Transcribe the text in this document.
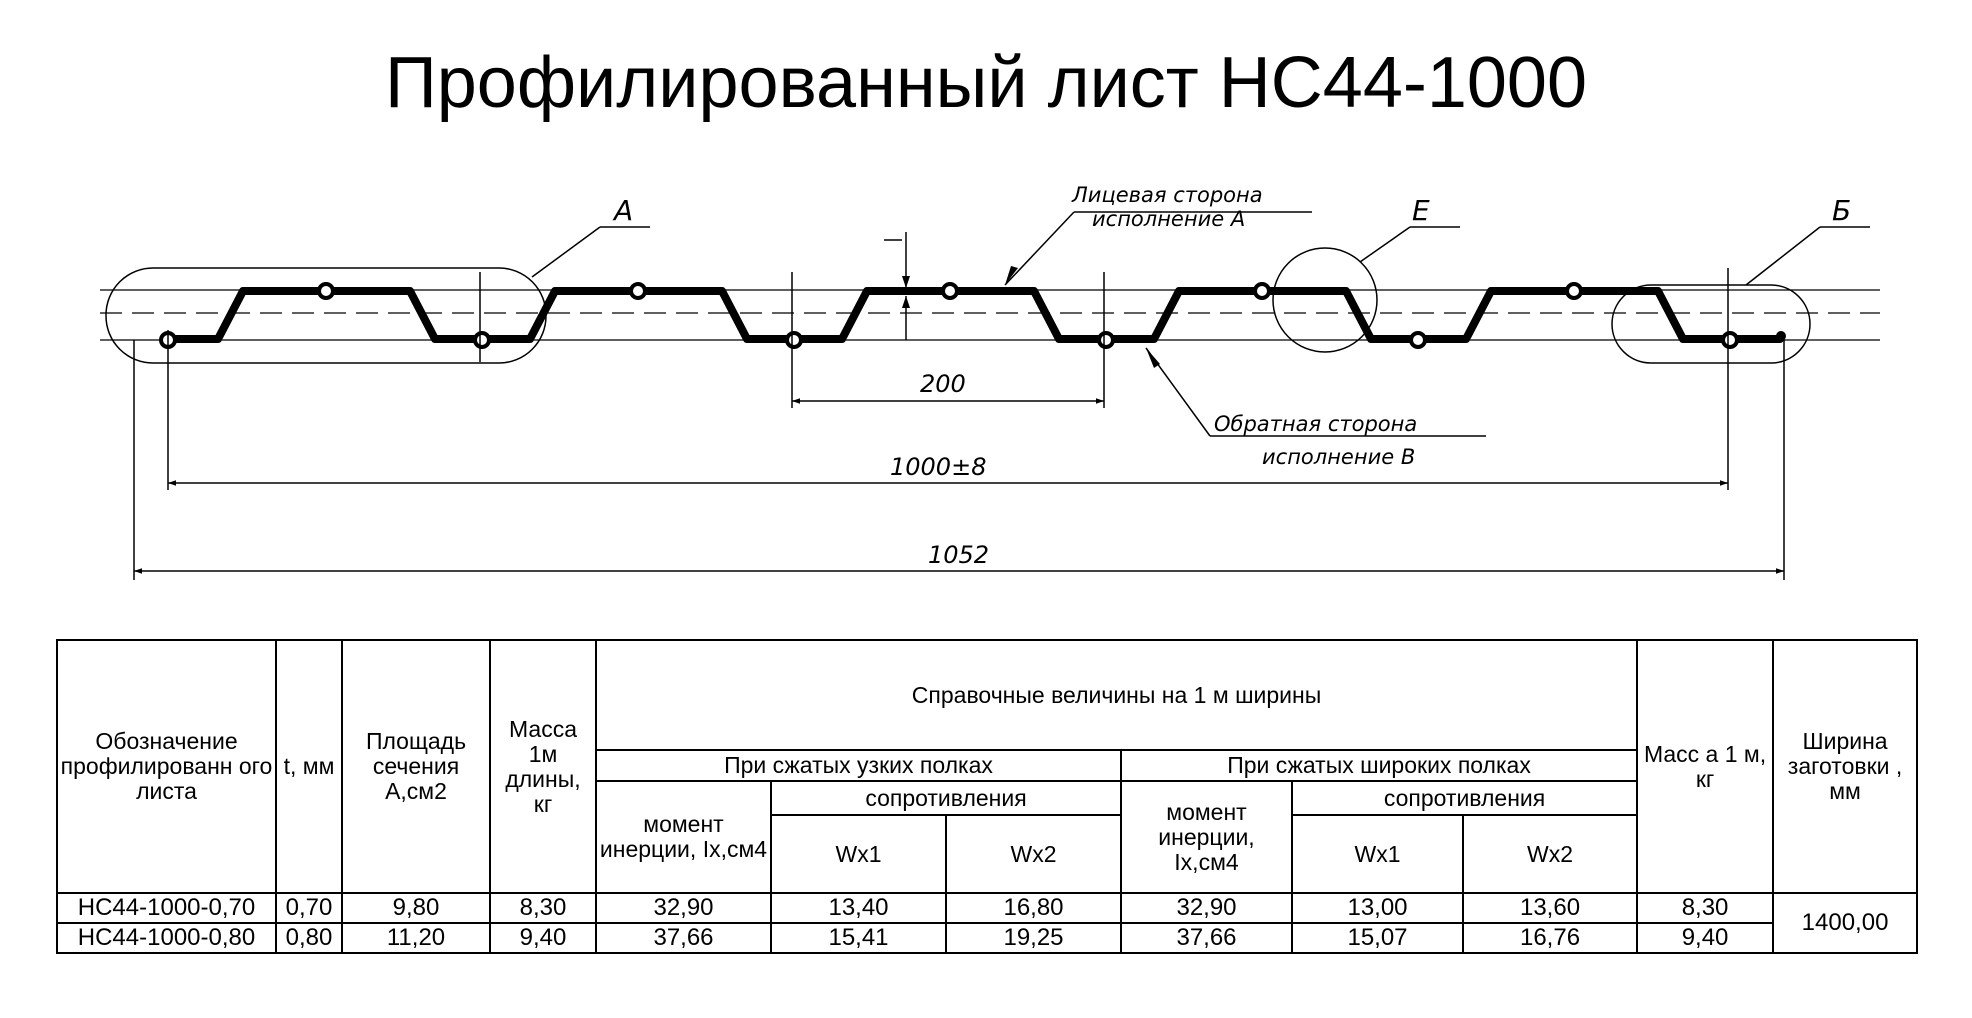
Профилированный лист НС44-1000
А	Е	Б
Лицевая сторона
исполнение А
Обратная сторона
исполнение В
200
1000±8
1052
Обозначение профилированн ого листа	t, мм	Площадь сечения А,см2	Масса 1м длины, кг	Справочные величины на 1 м ширины						Масс а 1 м, кг	Ширина заготовки , мм
				При сжатых узких полках			При сжатых широких полках				
				момент инерции, Ix,см4	сопротивления		момент инерции, Ix,см4	сопротивления			
					Wx1	Wx2		Wx1	Wx2		
НС44-1000-0,70	0,70	9,80	8,30	32,90	13,40	16,80	32,90	13,00	13,60	8,30	1400,00
НС44-1000-0,80	0,80	11,20	9,40	37,66	15,41	19,25	37,66	15,07	16,76	9,40	
